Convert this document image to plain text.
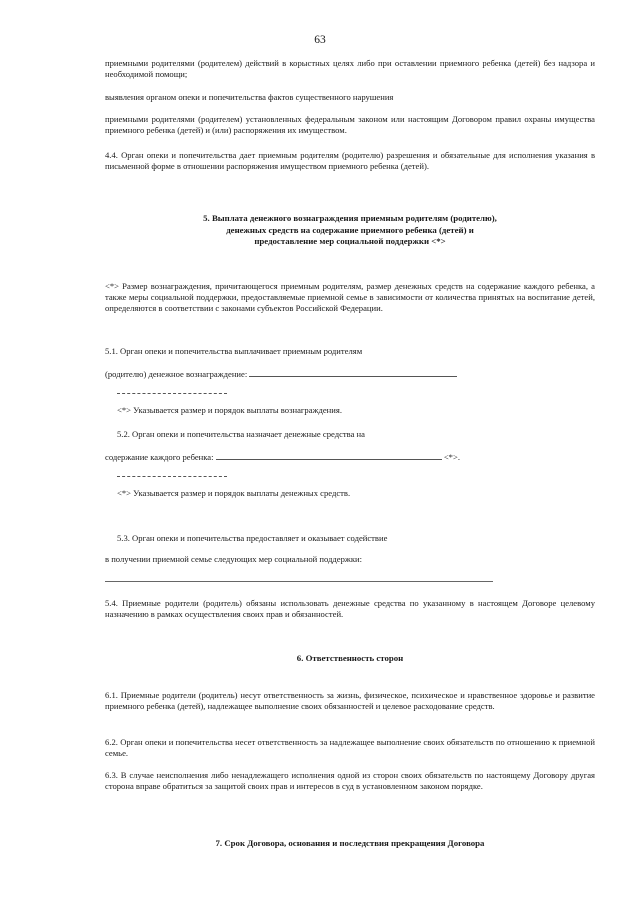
63
приемными родителями (родителем) действий в корыстных целях либо при оставлении приемного ребенка (детей) без надзора и необходимой помощи;
выявления органом опеки и попечительства фактов существенного нарушения
приемными родителями (родителем) установленных федеральным законом или настоящим Договором правил охраны имущества приемного ребенка (детей) и (или) распоряжения их имуществом.
4.4. Орган опеки и попечительства дает приемным родителям (родителю) разрешения и обязательные для исполнения указания в письменной форме в отношении распоряжения имуществом приемного ребенка (детей).
5. Выплата денежного вознаграждения приемным родителям (родителю), денежных средств на содержание приемного ребенка (детей) и предоставление мер социальной поддержки <*>
<*> Размер вознаграждения, причитающегося приемным родителям, размер денежных средств на содержание каждого ребенка, а также меры социальной поддержки, предоставляемые приемной семье в зависимости от количества принятых на воспитание детей, определяются в соответствии с законами субъектов Российской Федерации.
5.1. Орган опеки и попечительства выплачивает приемным родителям
(родителю) денежное вознаграждение:
<*> Указывается размер и порядок выплаты вознаграждения.
5.2. Орган опеки и попечительства назначает денежные средства на
содержание каждого ребенка:	<*>.
<*> Указывается размер и порядок выплаты денежных средств.
5.3. Орган опеки и попечительства предоставляет и оказывает содействие
в получении приемной семье следующих мер социальной поддержки:
5.4. Приемные родители (родитель) обязаны использовать денежные средства по указанному в настоящем Договоре целевому назначению в рамках осуществления своих прав и обязанностей.
6. Ответственность сторон
6.1. Приемные родители (родитель) несут ответственность за жизнь, физическое, психическое и нравственное здоровье и развитие приемного ребенка (детей), надлежащее выполнение своих обязанностей и целевое расходование средств.
6.2. Орган опеки и попечительства несет ответственность за надлежащее выполнение своих обязательств по отношению к приемной семье.
6.3. В случае неисполнения либо ненадлежащего исполнения одной из сторон своих обязательств по настоящему Договору другая сторона вправе обратиться за защитой своих прав и интересов в суд в установленном законом порядке.
7. Срок Договора, основания и последствия прекращения Договора
